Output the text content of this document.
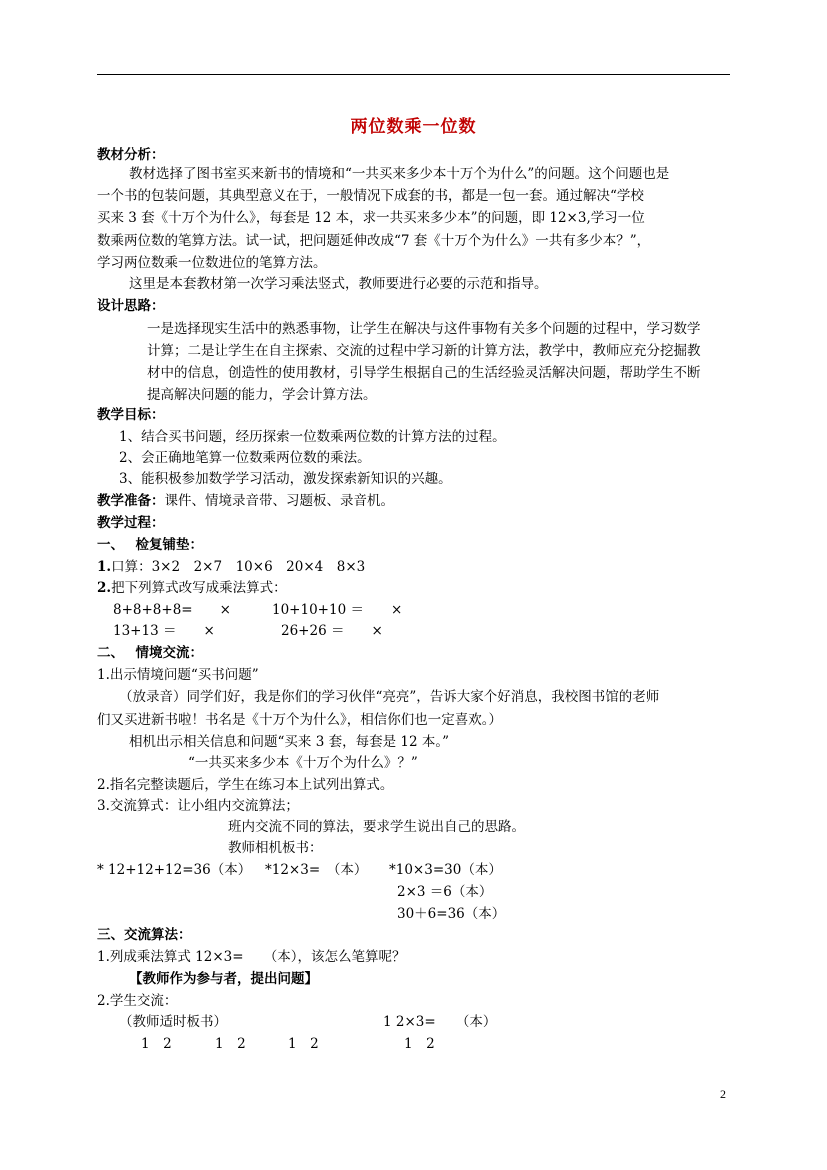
两位数乘一位数
教材分析：
教材选择了图书室买来新书的情境和“一共买来多少本十万个为什么”的问题。这个问题也是
一个书的包装问题，其典型意义在于，一般情况下成套的书，都是一包一套。通过解决“学校
买来 3 套《十万个为什么》，每套是 12 本，求一共买来多少本”的问题，即 12×3,学习一位
数乘两位数的笔算方法。试一试，把问题延伸改成“7 套《十万个为什么》一共有多少本？”，
学习两位数乘一位数进位的笔算方法。
这里是本套教材第一次学习乘法竖式，教师要进行必要的示范和指导。
设计思路：
一是选择现实生活中的熟悉事物，让学生在解决与这件事物有关多个问题的过程中，学习数学
计算；二是让学生在自主探索、交流的过程中学习新的计算方法，教学中，教师应充分挖掘教
材中的信息，创造性的使用教材，引导学生根据自己的生活经验灵活解决问题，帮助学生不断
提高解决问题的能力，学会计算方法。
教学目标：
1、结合买书问题，经历探索一位数乘两位数的计算方法的过程。
2、会正确地笔算一位数乘两位数的乘法。
3、能积极参加数学学习活动，激发探索新知识的兴趣。
教学准备：课件、情境录音带、习题板、录音机。
教学过程：
一、　 检复铺垫：
1.口算：3×2　2×7　10×6　20×4　8×3
2.把下列算式改写成乘法算式：
8+8+8+8=　　×	10+10+10 ＝　　×
13+13 ＝　　×	26+26 ＝　　×
二、　 情境交流：
1.出示情境问题“买书问题”
（放录音）同学们好，我是你们的学习伙伴“亮亮”，告诉大家个好消息，我校图书馆的老师
们又买进新书啦！书名是《十万个为什么》，相信你们也一定喜欢。）
相机出示相关信息和问题“买来 3 套，每套是 12 本。”
“一共买来多少本《十万个为什么》？”
2.指名完整读题后，学生在练习本上试列出算式。
3.交流算式：让小组内交流算法；
班内交流不同的算法，要求学生说出自己的思路。
教师相机板书：
* 12+12+12=36（本） *12×3=　（本） *10×3=30（本）
2×3 ＝6（本）
30＋6=36（本）
三、交流算法：
1.列成乘法算式 12×3=　　（本），该怎么笔算呢？
【教师作为参与者，提出问题】
2.学生交流：
（教师适时板书）	1 2×3=　　（本）
1　2	1　2	1　2	1　2
2
